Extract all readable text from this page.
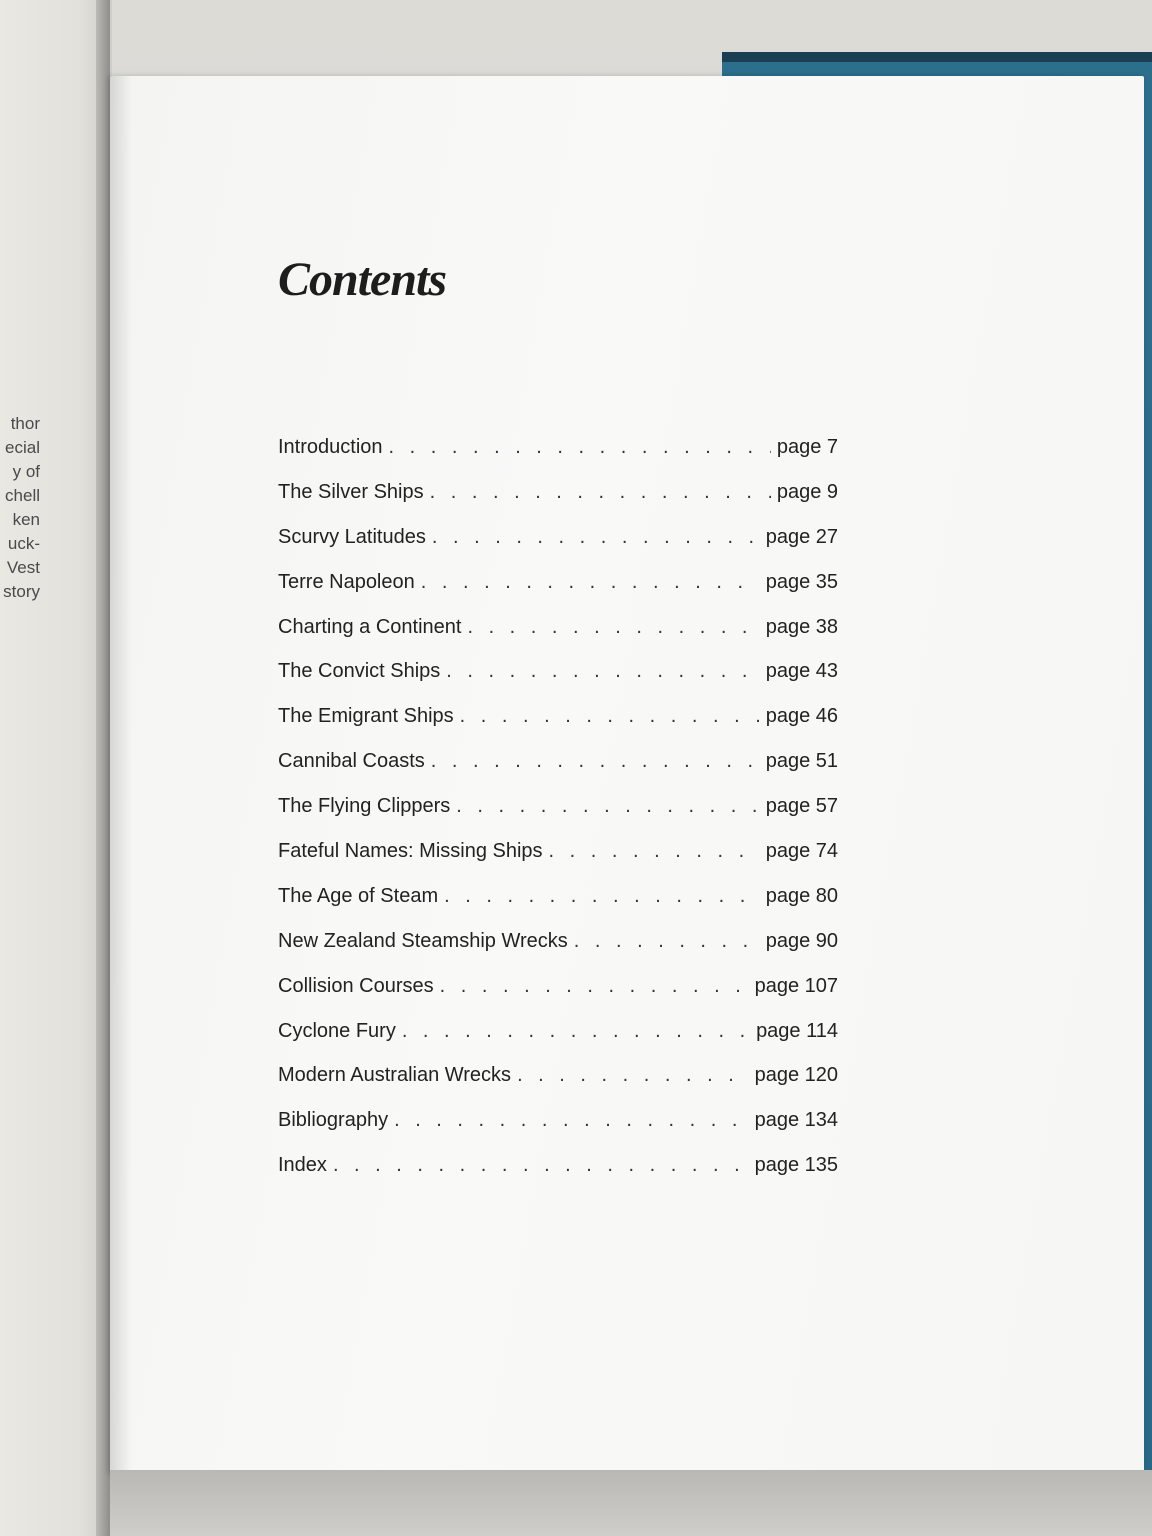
thor
ecial
y of
chell
ken
uck-
Vest
story
Contents
Introduction . . .	page 7
The Silver Ships . . .	page 9
Scurvy Latitudes . . .	page 27
Terre Napoleon . . .	page 35
Charting a Continent . . .	page 38
The Convict Ships . . .	page 43
The Emigrant Ships . . .	page 46
Cannibal Coasts . . .	page 51
The Flying Clippers . . .	page 57
Fateful Names: Missing Ships . . .	page 74
The Age of Steam . . .	page 80
New Zealand Steamship Wrecks . . .	page 90
Collision Courses . . .	page 107
Cyclone Fury . . .	page 114
Modern Australian Wrecks . . .	page 120
Bibliography . . .	page 134
Index . . .	page 135
